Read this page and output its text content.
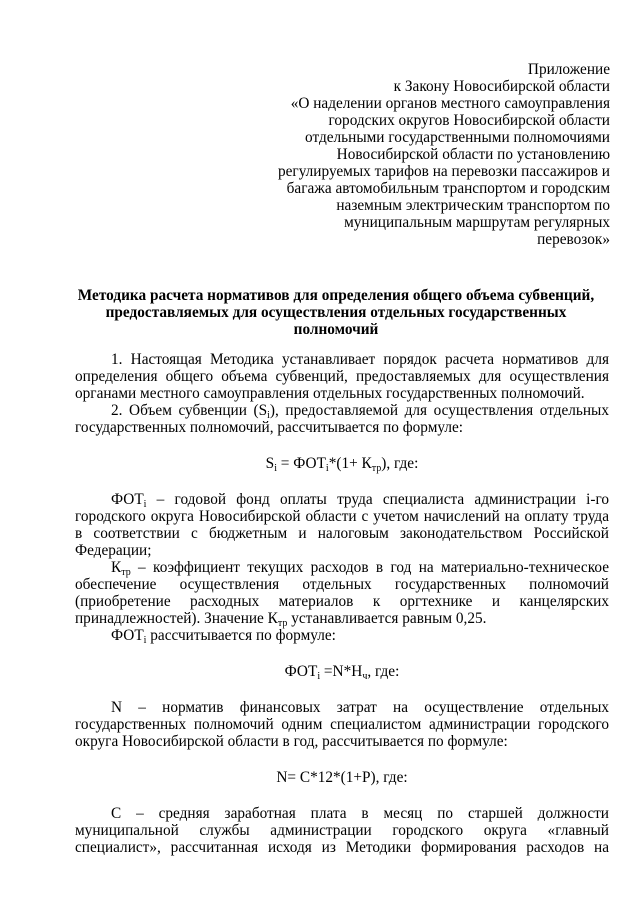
Приложение
к Закону Новосибирской области
«О наделении органов местного самоуправления
городских округов Новосибирской области
отдельными государственными полномочиями
Новосибирской области по установлению
регулируемых тарифов на перевозки пассажиров и
багажа автомобильным транспортом и городским
наземным электрическим транспортом по
муниципальным маршрутам регулярных
перевозок»
Методика расчета нормативов для определения общего объема субвенций,
предоставляемых для осуществления отдельных государственных
полномочий

1. Настоящая Методика устанавливает порядок расчета нормативов для определения общего объема субвенций, предоставляемых для осуществления органами местного самоуправления отдельных государственных полномочий.

2. Объем субвенции $(S_i)$, предоставляемой для осуществления отдельных государственных полномочий, рассчитывается по формуле:

$S_i = ФОТ_i*(1+ К_{тр})$, где:

$ФОТ_i$ – годовой фонд оплаты труда специалиста администрации i-го городского округа Новосибирской области с учетом начислений на оплату труда в соответствии с бюджетным и налоговым законодательством Российской Федерации;

$К_{тр}$ – коэффициент текущих расходов в год на материально-техническое обеспечение осуществления отдельных государственных полномочий (приобретение расходных материалов к оргтехнике и канцелярских принадлежностей). Значение $К_{тр}$ устанавливается равным 0,25.

$ФОТ_i$ рассчитывается по формуле:

$ФОТ_i =N*Н_ч$, где:

N – норматив финансовых затрат на осуществление отдельных государственных полномочий одним специалистом администрации городского округа Новосибирской области в год, рассчитывается по формуле:

N= С*12*(1+Р), где:

С – средняя заработная плата в месяц по старшей должности муниципальной службы администрации городского округа «главный специалист», рассчитанная исходя из Методики формирования расходов на
